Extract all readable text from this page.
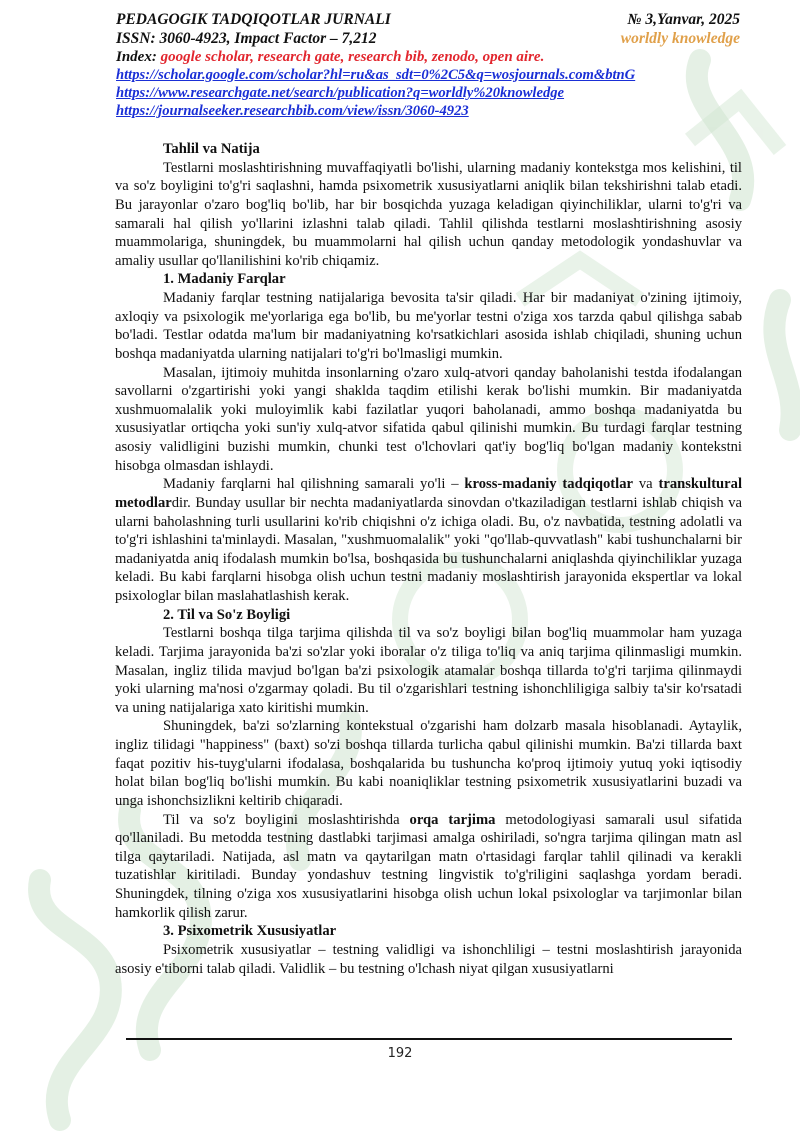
PEDAGOGIK TADQIQOTLAR JURNALI	№ 3,Yanvar, 2025
ISSN: 3060-4923, Impact Factor – 7,212	worldly knowledge
Index: google scholar, research gate, research bib, zenodo, open aire.
https://scholar.google.com/scholar?hl=ru&as_sdt=0%2C5&q=wosjournals.com&btnG
https://www.researchgate.net/search/publication?q=worldly%20knowledge
https://journalseeker.researchbib.com/view/issn/3060-4923
Tahlil va Natija

Testlarni moslashtirishning muvaffaqiyatli bo'lishi, ularning madaniy kontekstga mos kelishini, til va so'z boyligini to'g'ri saqlashni, hamda psixometrik xususiyatlarni aniqlik bilan tekshirishni talab etadi. Bu jarayonlar o'zaro bog'liq bo'lib, har bir bosqichda yuzaga keladigan qiyinchiliklar, ularni to'g'ri va samarali hal qilish yo'llarini izlashni talab qiladi. Tahlil qilishda testlarni moslashtirishning asosiy muammolariga, shuningdek, bu muammolarni hal qilish uchun qanday metodologik yondashuvlar va amaliy usullar qo'llanilishini ko'rib chiqamiz.

1. Madaniy Farqlar

Madaniy farqlar testning natijalariga bevosita ta'sir qiladi. Har bir madaniyat o'zining ijtimoiy, axloqiy va psixologik me'yorlariga ega bo'lib, bu me'yorlar testni o'ziga xos tarzda qabul qilishga sabab bo'ladi. Testlar odatda ma'lum bir madaniyatning ko'rsatkichlari asosida ishlab chiqiladi, shuning uchun boshqa madaniyatda ularning natijalari to'g'ri bo'lmasligi mumkin.

Masalan, ijtimoiy muhitda insonlarning o'zaro xulq-atvori qanday baholanishi testda ifodalangan savollarni o'zgartirishi yoki yangi shaklda taqdim etilishi kerak bo'lishi mumkin. Bir madaniyatda xushmuomalalik yoki muloyimlik kabi fazilatlar yuqori baholanadi, ammo boshqa madaniyatda bu xususiyatlar ortiqcha yoki sun'iy xulq-atvor sifatida qabul qilinishi mumkin. Bu turdagi farqlar testning asosiy validligini buzishi mumkin, chunki test o'lchovlari qat'iy bog'liq bo'lgan madaniy kontekstni hisobga olmasdan ishlaydi.

Madaniy farqlarni hal qilishning samarali yo'li – kross-madaniy tadqiqotlar va transkultural metodlardir. Bunday usullar bir nechta madaniyatlarda sinovdan o'tkaziladigan testlarni ishlab chiqish va ularni baholashning turli usullarini ko'rib chiqishni o'z ichiga oladi. Bu, o'z navbatida, testning adolatli va to'g'ri ishlashini ta'minlaydi. Masalan, "xushmuomalalik" yoki "qo'llab-quvvatlash" kabi tushunchalarni bir madaniyatda aniq ifodalash mumkin bo'lsa, boshqasida bu tushunchalarni aniqlashda qiyinchiliklar yuzaga keladi. Bu kabi farqlarni hisobga olish uchun testni madaniy moslashtirish jarayonida ekspertlar va lokal psixologlar bilan maslahatlashish kerak.

2. Til va So'z Boyligi

Testlarni boshqa tilga tarjima qilishda til va so'z boyligi bilan bog'liq muammolar ham yuzaga keladi. Tarjima jarayonida ba'zi so'zlar yoki iboralar o'z tiliga to'liq va aniq tarjima qilinmasligi mumkin. Masalan, ingliz tilida mavjud bo'lgan ba'zi psixologik atamalar boshqa tillarda to'g'ri tarjima qilinmaydi yoki ularning ma'nosi o'zgarmay qoladi. Bu til o'zgarishlari testning ishonchliligiga salbiy ta'sir ko'rsatadi va uning natijalariga xato kiritishi mumkin.

Shuningdek, ba'zi so'zlarning kontekstual o'zgarishi ham dolzarb masala hisoblanadi. Aytaylik, ingliz tilidagi "happiness" (baxt) so'zi boshqa tillarda turlicha qabul qilinishi mumkin. Ba'zi tillarda baxt faqat pozitiv his-tuyg'ularni ifodalasa, boshqalarida bu tushuncha ko'proq ijtimoiy yutuq yoki iqtisodiy holat bilan bog'liq bo'lishi mumkin. Bu kabi noaniqliklar testning psixometrik xususiyatlarini buzadi va unga ishonchsizlikni keltirib chiqaradi.

Til va so'z boyligini moslashtirishda orqa tarjima metodologiyasi samarali usul sifatida qo'llaniladi. Bu metodda testning dastlabki tarjimasi amalga oshiriladi, so'ngra tarjima qilingan matn asl tilga qaytariladi. Natijada, asl matn va qaytarilgan matn o'rtasidagi farqlar tahlil qilinadi va kerakli tuzatishlar kiritiladi. Bunday yondashuv testning lingvistik to'g'riligini saqlashga yordam beradi. Shuningdek, tilning o'ziga xos xususiyatlarini hisobga olish uchun lokal psixologlar va tarjimonlar bilan hamkorlik qilish zarur.

3. Psixometrik Xususiyatlar

Psixometrik xususiyatlar – testning validligi va ishonchliligi – testni moslashtirish jarayonida asosiy e'tiborni talab qiladi. Validlik – bu testning o'lchash niyat qilgan xususiyatlarni

192
